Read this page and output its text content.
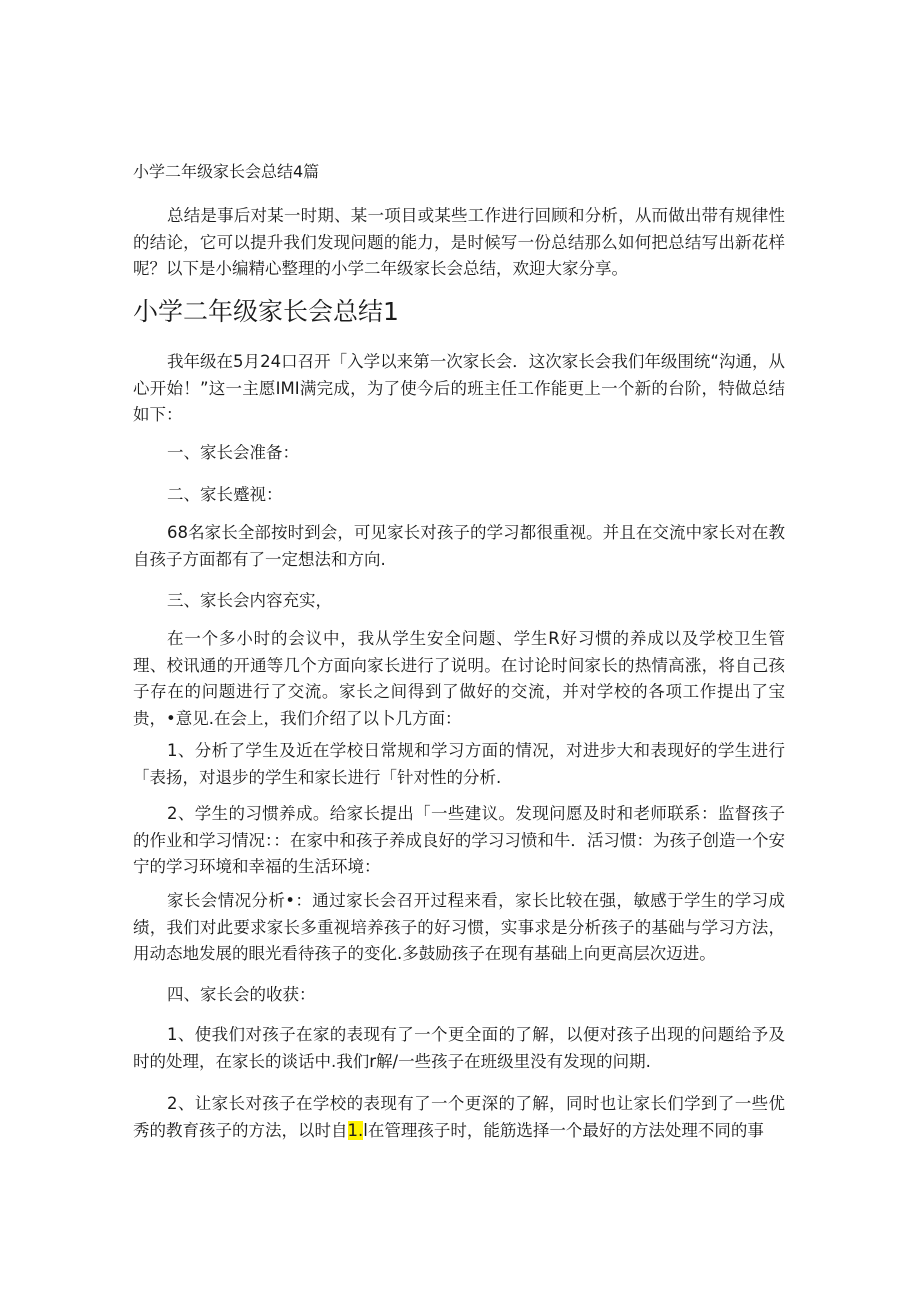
小学二年级家长会总结4篇

总结是事后对某一时期、某一项目或某些工作进行回顾和分析，从而做出带有规律性的结论，它可以提升我们发现问题的能力，是时候写一份总结那么如何把总结写出新花样呢？以下是小编精心整理的小学二年级家长会总结，欢迎大家分享。

小学二年级家长会总结1

我年级在5月24口召开「入学以来第一次家长会．这次家长会我们年级围统“沟通，从心开始！”这一主愿IMI满完成，为了使今后的班主任工作能更上一个新的台阶，特做总结如下：

一、家长会准备：
二、家长蹙视：

68名家长全部按时到会，可见家长对孩子的学习都很重视。并且在交流中家长对在教自孩子方面都有了一定想法和方向.

三、家长会内容充实，

在一个多小时的会议中，我从学生安全问题、学生R好习惯的养成以及学校卫生管理、校讯通的开通等几个方面向家长进行了说明。在讨论时间家长的热情高涨，将自己孩子存在的问题进行了交流。家长之间得到了做好的交流，并对学校的各项工作提出了宝贵，•意见.在会上，我们介绍了以卜几方面：

1、分析了学生及近在学校日常规和学习方面的情况，对进步大和表现好的学生进行「表扬，对退步的学生和家长进行「针对性的分析.

2、学生的习惯养成。给家长提出「一些建议。发现问愿及时和老师联系：监督孩子的作业和学习情况：：在家中和孩子养成良好的学习习愤和牛．活习惯：为孩子创造一个安宁的学习环境和幸福的生活环境：

家长会情况分析•：通过家长会召开过程来看，家长比较在强，敏感于学生的学习成绩，我们对此要求家长多重视培养孩子的好习惯，实事求是分析孩子的基础与学习方法，用动态地发展的眼光看待孩子的变化.多鼓励孩子在现有基础上向更高层次迈进。

四、家长会的收获：

1、使我们对孩子在家的表现有了一个更全面的了解，以便对孩子出现的问题给予及时的处理，在家长的谈话中.我们r解/一些孩子在班级里没有发现的问期.

2、让家长对孩子在学校的表现有了一个更深的了解，同时也让家长们学到了一些优秀的教育孩子的方法，以时自1.l在管理孩子时，能筋选择一个最好的方法处理不同的事
